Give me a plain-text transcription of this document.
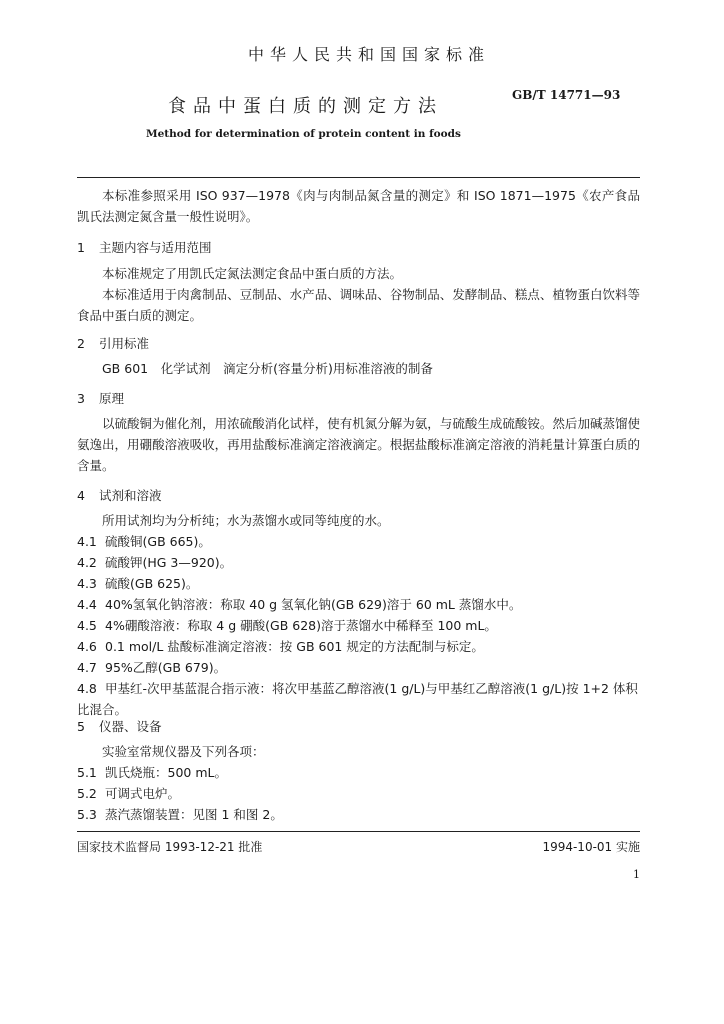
中华人民共和国国家标准
食品中蛋白质的测定方法
GB/T 14771—93
Method for determination of protein content in foods
本标准参照采用 ISO 937—1978《肉与肉制品氮含量的测定》和 ISO 1871—1975《农产食品凯氏法测定氮含量一般性说明》。
1 主题内容与适用范围
本标准规定了用凯氏定氮法测定食品中蛋白质的方法。
本标准适用于肉禽制品、豆制品、水产品、调味品、谷物制品、发酵制品、糕点、植物蛋白饮料等食品中蛋白质的测定。
2 引用标准
GB 601　化学试剂　滴定分析(容量分析)用标准溶液的制备
3 原理
以硫酸铜为催化剂，用浓硫酸消化试样，使有机氮分解为氨，与硫酸生成硫酸铵。然后加碱蒸馏使氨逸出，用硼酸溶液吸收，再用盐酸标准滴定溶液滴定。根据盐酸标准滴定溶液的消耗量计算蛋白质的含量。
4 试剂和溶液
所用试剂均为分析纯；水为蒸馏水或同等纯度的水。
4.1 硫酸铜(GB 665)。
4.2 硫酸钾(HG 3—920)。
4.3 硫酸(GB 625)。
4.4 40%氢氧化钠溶液：称取 40 g 氢氧化钠(GB 629)溶于 60 mL 蒸馏水中。
4.5 4%硼酸溶液：称取 4 g 硼酸(GB 628)溶于蒸馏水中稀释至 100 mL。
4.6 0.1 mol/L 盐酸标准滴定溶液：按 GB 601 规定的方法配制与标定。
4.7 95%乙醇(GB 679)。
4.8 甲基红-次甲基蓝混合指示液：将次甲基蓝乙醇溶液(1 g/L)与甲基红乙醇溶液(1 g/L)按 1+2 体积比混合。
5 仪器、设备
实验室常规仪器及下列各项：
5.1 凯氏烧瓶：500 mL。
5.2 可调式电炉。
5.3 蒸汽蒸馏装置：见图 1 和图 2。
国家技术监督局 1993-12-21 批准	1994-10-01 实施
1
